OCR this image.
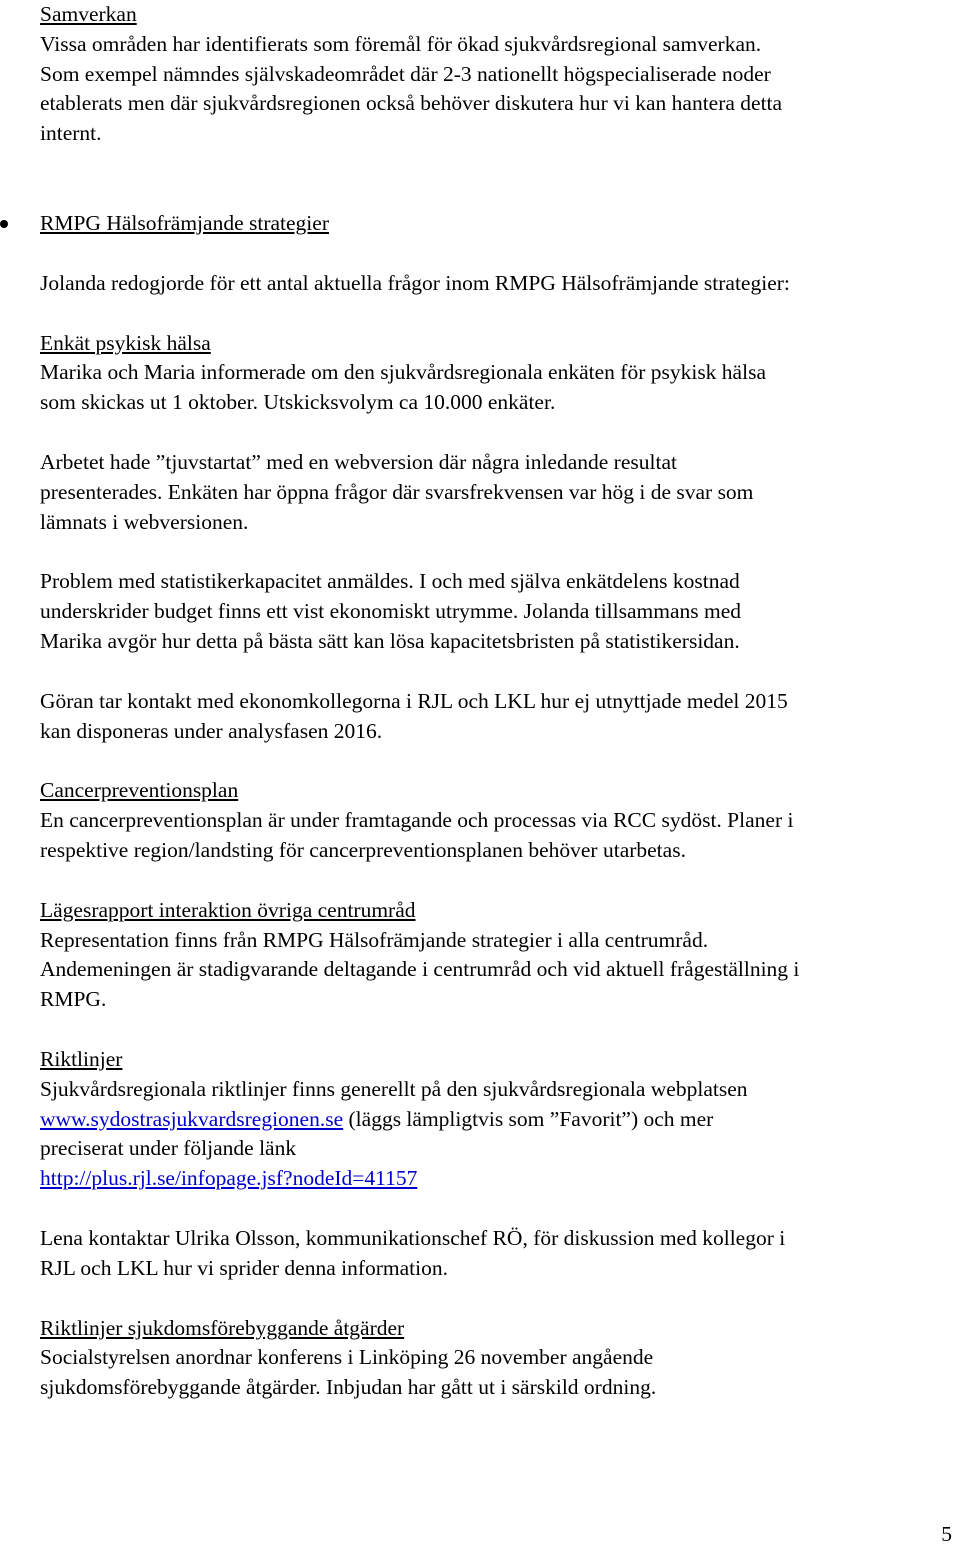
Samverkan

Vissa områden har identifierats som föremål för ökad sjukvårdsregional samverkan.
Som exempel nämndes självskadeområdet där 2-3 nationellt högspecialiserade noder
etablerats men där sjukvårdsregionen också behöver diskutera hur vi kan hantera detta
internt.

RMPG Hälsofrämjande strategier

Jolanda redogjorde för ett antal aktuella frågor inom RMPG Hälsofrämjande strategier:

Enkät psykisk hälsa

Marika och Maria informerade om den sjukvårdsregionala enkäten för psykisk hälsa
som skickas ut 1 oktober. Utskicksvolym ca 10.000 enkäter.

Arbetet hade ”tjuvstartat” med en webversion där några inledande resultat
presenterades. Enkäten har öppna frågor där svarsfrekvensen var hög i de svar som
lämnats i webversionen.

Problem med statistikerkapacitet anmäldes. I och med själva enkätdelens kostnad
underskrider budget finns ett vist ekonomiskt utrymme. Jolanda tillsammans med
Marika avgör hur detta på bästa sätt kan lösa kapacitetsbristen på statistikersidan.

Göran tar kontakt med ekonomkollegorna i RJL och LKL hur ej utnyttjade medel 2015
kan disponeras under analysfasen 2016.

Cancerpreventionsplan

En cancerpreventionsplan är under framtagande och processas via RCC sydöst. Planer i
respektive region/landsting för cancerpreventionsplanen behöver utarbetas.

Lägesrapport interaktion övriga centrumråd

Representation finns från RMPG Hälsofrämjande strategier i alla centrumråd.
Andemeningen är stadigvarande deltagande i centrumråd och vid aktuell frågeställning i
RMPG.

Riktlinjer

Sjukvårdsregionala riktlinjer finns generellt på den sjukvårdsregionala webplatsen
www.sydostrasjukvardsregionen.se (läggs lämpligtvis som ”Favorit”) och mer
preciserat under följande länk
http://plus.rjl.se/infopage.jsf?nodeId=41157

Lena kontaktar Ulrika Olsson, kommunikationschef RÖ, för diskussion med kollegor i
RJL och LKL hur vi sprider denna information.

Riktlinjer sjukdomsförebyggande åtgärder

Socialstyrelsen anordnar konferens i Linköping 26 november angående
sjukdomsförebyggande åtgärder. Inbjudan har gått ut i särskild ordning.

5
